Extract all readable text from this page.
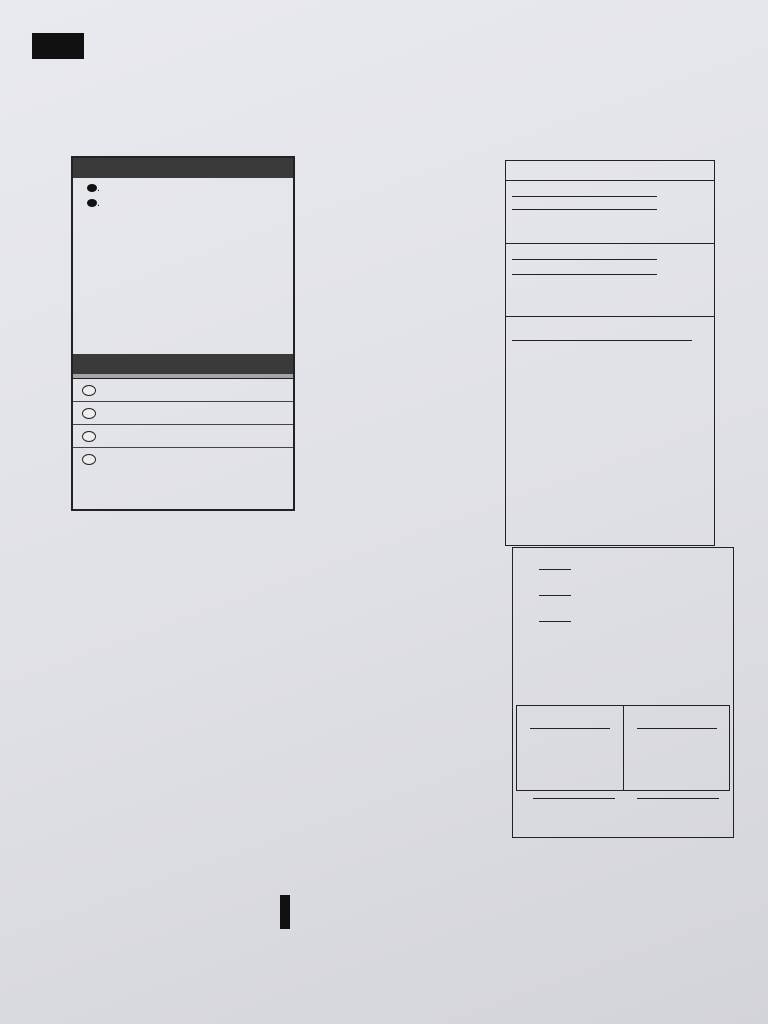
.

.
